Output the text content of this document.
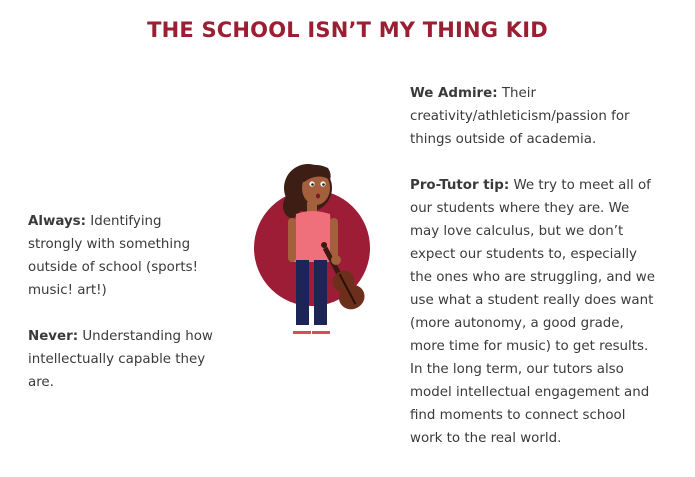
THE SCHOOL ISN’T MY THING KID

Always: Identifying strongly with something outside of school (sports! music! art!)

Never: Understanding how intellectually capable they are.

We Admire: Their creativity/athleticism/passion for things outside of academia.

Pro-Tutor tip: We try to meet all of our students where they are. We may love calculus, but we don’t expect our students to, especially the ones who are struggling, and we use what a student really does want (more autonomy, a good grade, more time for music) to get results. In the long term, our tutors also model intellectual engagement and find moments to connect school work to the real world.
